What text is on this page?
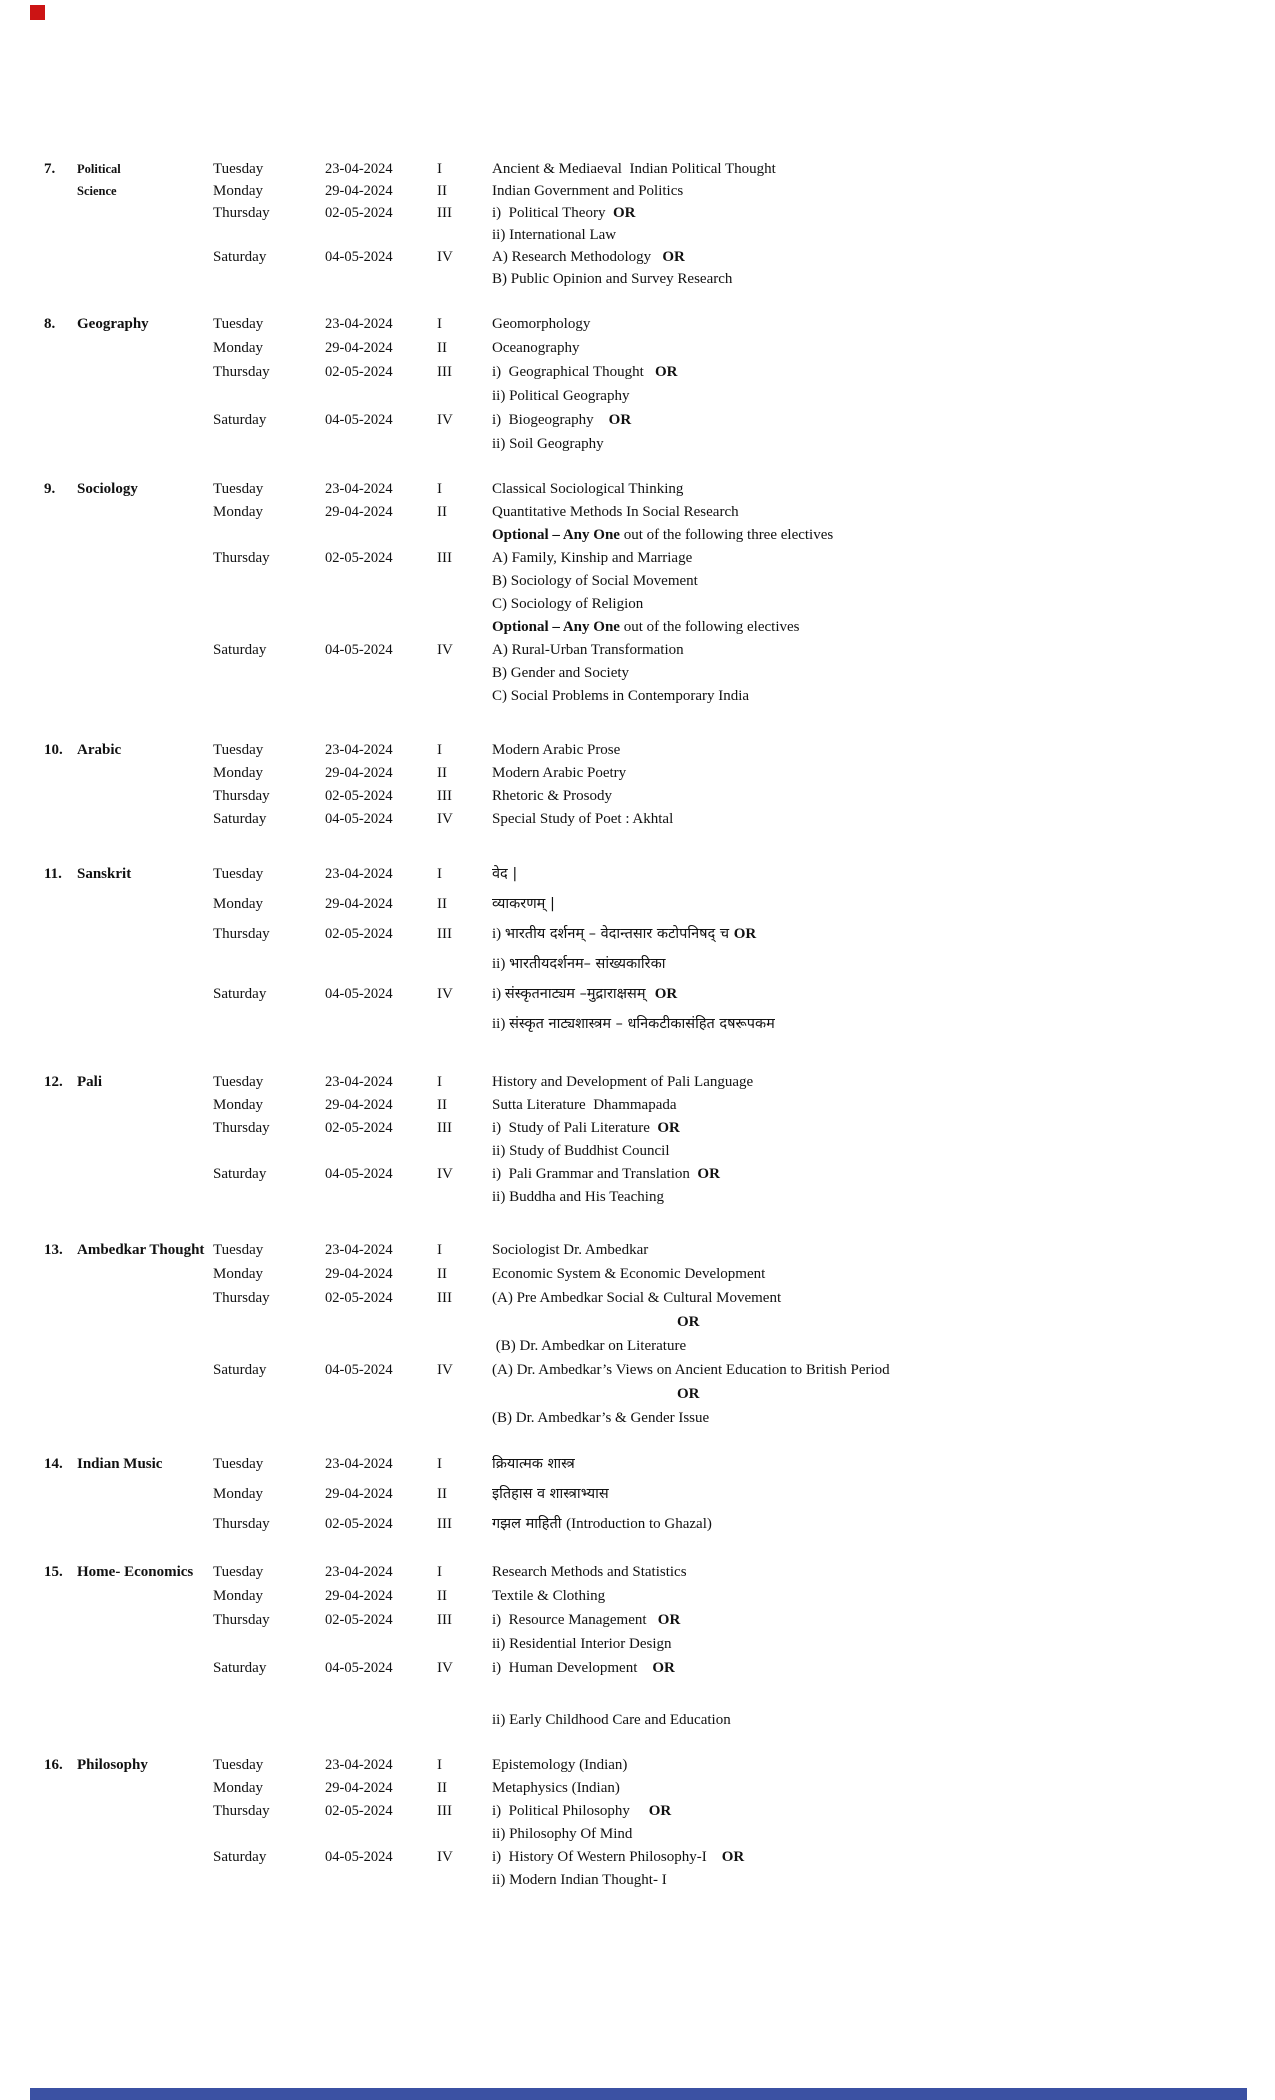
7. Political	Tuesday	23-04-2024	I	Ancient & Mediaeval  Indian Political Thought
Science	Monday	29-04-2024	II	Indian Government and Politics
Thursday	02-05-2024	III	i)  Political Theory  OR
ii) International Law
Saturday	04-05-2024	IV	A) Research Methodology   OR
B) Public Opinion and Survey Research
8. Geography	Tuesday	23-04-2024	I	Geomorphology
Monday	29-04-2024	II	Oceanography
Thursday	02-05-2024	III	i)  Geographical Thought   OR
ii) Political Geography
Saturday	04-05-2024	IV	i)  Biogeography    OR
ii) Soil Geography
9. Sociology	Tuesday	23-04-2024	I	Classical Sociological Thinking
Monday	29-04-2024	II	Quantitative Methods In Social Research
Optional – Any One out of the following three electives
Thursday	02-05-2024	III	A) Family, Kinship and Marriage
B) Sociology of Social Movement
C) Sociology of Religion
Optional – Any One out of the following electives
Saturday	04-05-2024	IV	A) Rural-Urban Transformation
B) Gender and Society
C) Social Problems in Contemporary India
10. Arabic	Tuesday	23-04-2024	I	Modern Arabic Prose
Monday	29-04-2024	II	Modern Arabic Poetry
Thursday	02-05-2024	III	Rhetoric & Prosody
Saturday	04-05-2024	IV	Special Study of Poet : Akhtal
11. Sanskrit	Tuesday	23-04-2024	I	वेद |
Monday	29-04-2024	II	व्याकरणम् |
Thursday	02-05-2024	III	i) भारतीय दर्शनम् – वेदान्तसार कटोपनिषद् च OR
ii) भारतीयदर्शनम– सांख्यकारिका
Saturday	04-05-2024	IV	i) संस्कृतनाट्यम –मुद्राराक्षसम्  OR
ii) संस्कृत नाट्यशास्त्रम – धनिकटीकासंहित दषरूपकम
12. Pali	Tuesday	23-04-2024	I	History and Development of Pali Language
Monday	29-04-2024	II	Sutta Literature  Dhammapada
Thursday	02-05-2024	III	i)  Study of Pali Literature  OR
ii) Study of Buddhist Council
Saturday	04-05-2024	IV	i)  Pali Grammar and Translation  OR
ii) Buddha and His Teaching
13. Ambedkar Thought Tuesday	23-04-2024	I	Sociologist Dr. Ambedkar
Monday	29-04-2024	II	Economic System & Economic Development
Thursday	02-05-2024	III	(A) Pre Ambedkar Social & Cultural Movement
OR
(B) Dr. Ambedkar on Literature
Saturday	04-05-2024	IV	(A) Dr. Ambedkar’s Views on Ancient Education to British Period
OR
(B) Dr. Ambedkar’s & Gender Issue
14. Indian Music	Tuesday	23-04-2024	I	क्रियात्मक शास्त्र
Monday	29-04-2024	II	इतिहास व शास्त्राभ्यास
Thursday	02-05-2024	III	गझल माहिती (Introduction to Ghazal)
15. Home- Economics Tuesday	23-04-2024	I	Research Methods and Statistics
Monday	29-04-2024	II	Textile & Clothing
Thursday	02-05-2024	III	i)  Resource Management   OR
ii) Residential Interior Design
Saturday	04-05-2024	IV	i)  Human Development    OR
ii) Early Childhood Care and Education
16. Philosophy	Tuesday	23-04-2024	I	Epistemology (Indian)
Monday	29-04-2024	II	Metaphysics (Indian)
Thursday	02-05-2024	III	i)  Political Philosophy     OR
ii) Philosophy Of Mind
Saturday	04-05-2024	IV	i)  History Of Western Philosophy-I    OR
ii) Modern Indian Thought- I
